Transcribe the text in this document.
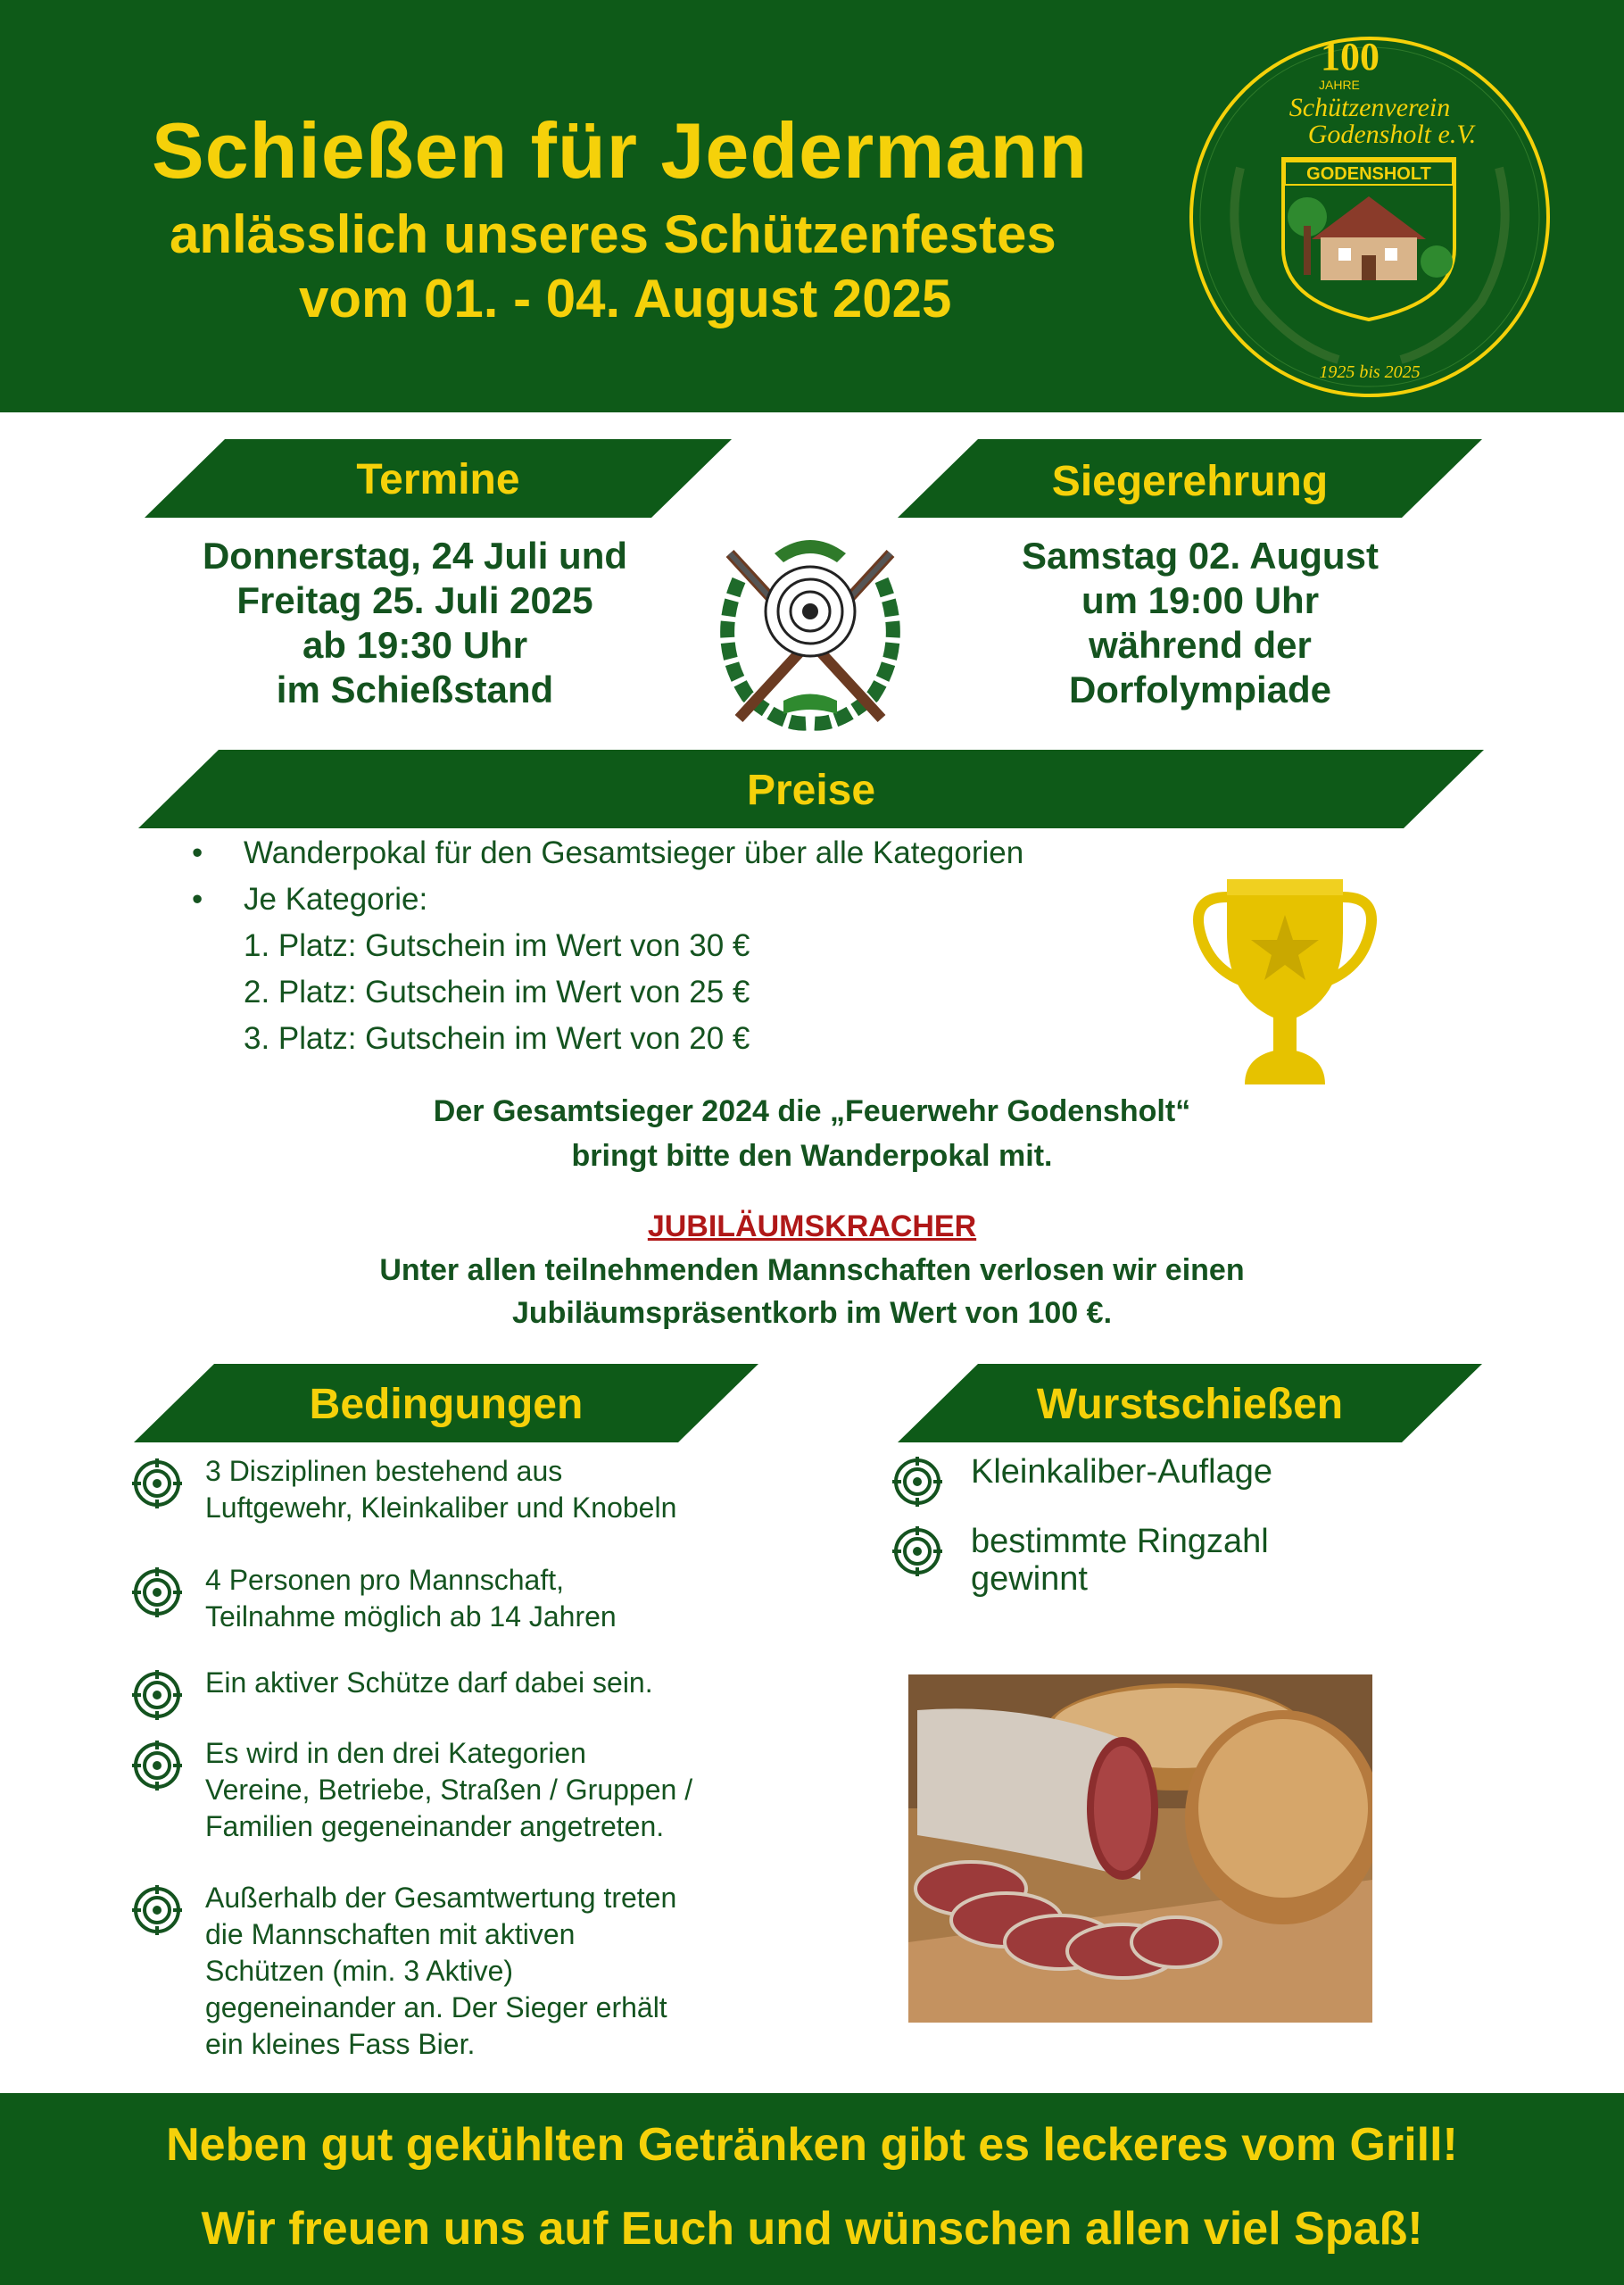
Schießen für Jedermann
anlässlich unseres Schützenfestes
vom 01. - 04. August 2025
100
JAHRE
Schützenverein
Godensholt e.V.
GODENSHOLT
1925 bis 2025
Termine
Donnerstag, 24 Juli und
Freitag 25. Juli 2025
ab 19:30 Uhr
im Schießstand
Siegerehrung
Samstag 02. August
um 19:00 Uhr
während der
Dorfolympiade
Preise
• Wanderpokal für den Gesamtsieger über alle Kategorien
• Je Kategorie:
1. Platz: Gutschein im Wert von 30 €
2. Platz: Gutschein im Wert von 25 €
3. Platz: Gutschein im Wert von 20 €
Der Gesamtsieger 2024 die „Feuerwehr Godensholt“
bringt bitte den Wanderpokal mit.
JUBILÄUMSKRACHER
Unter allen teilnehmenden Mannschaften verlosen wir einen
Jubiläumspräsentkorb im Wert von 100 €.
Bedingungen
3 Disziplinen bestehend aus
Luftgewehr, Kleinkaliber und Knobeln
4 Personen pro Mannschaft,
Teilnahme möglich ab 14 Jahren
Ein aktiver Schütze darf dabei sein.
Es wird in den drei Kategorien
Vereine, Betriebe, Straßen / Gruppen /
Familien gegeneinander angetreten.
Außerhalb der Gesamtwertung treten
die Mannschaften mit aktiven
Schützen (min. 3 Aktive)
gegeneinander an. Der Sieger erhält
ein kleines Fass Bier.
Wurstschießen
Kleinkaliber-Auflage
bestimmte Ringzahl
gewinnt
Neben gut gekühlten Getränken gibt es leckeres vom Grill!
Wir freuen uns auf Euch und wünschen allen viel Spaß!
